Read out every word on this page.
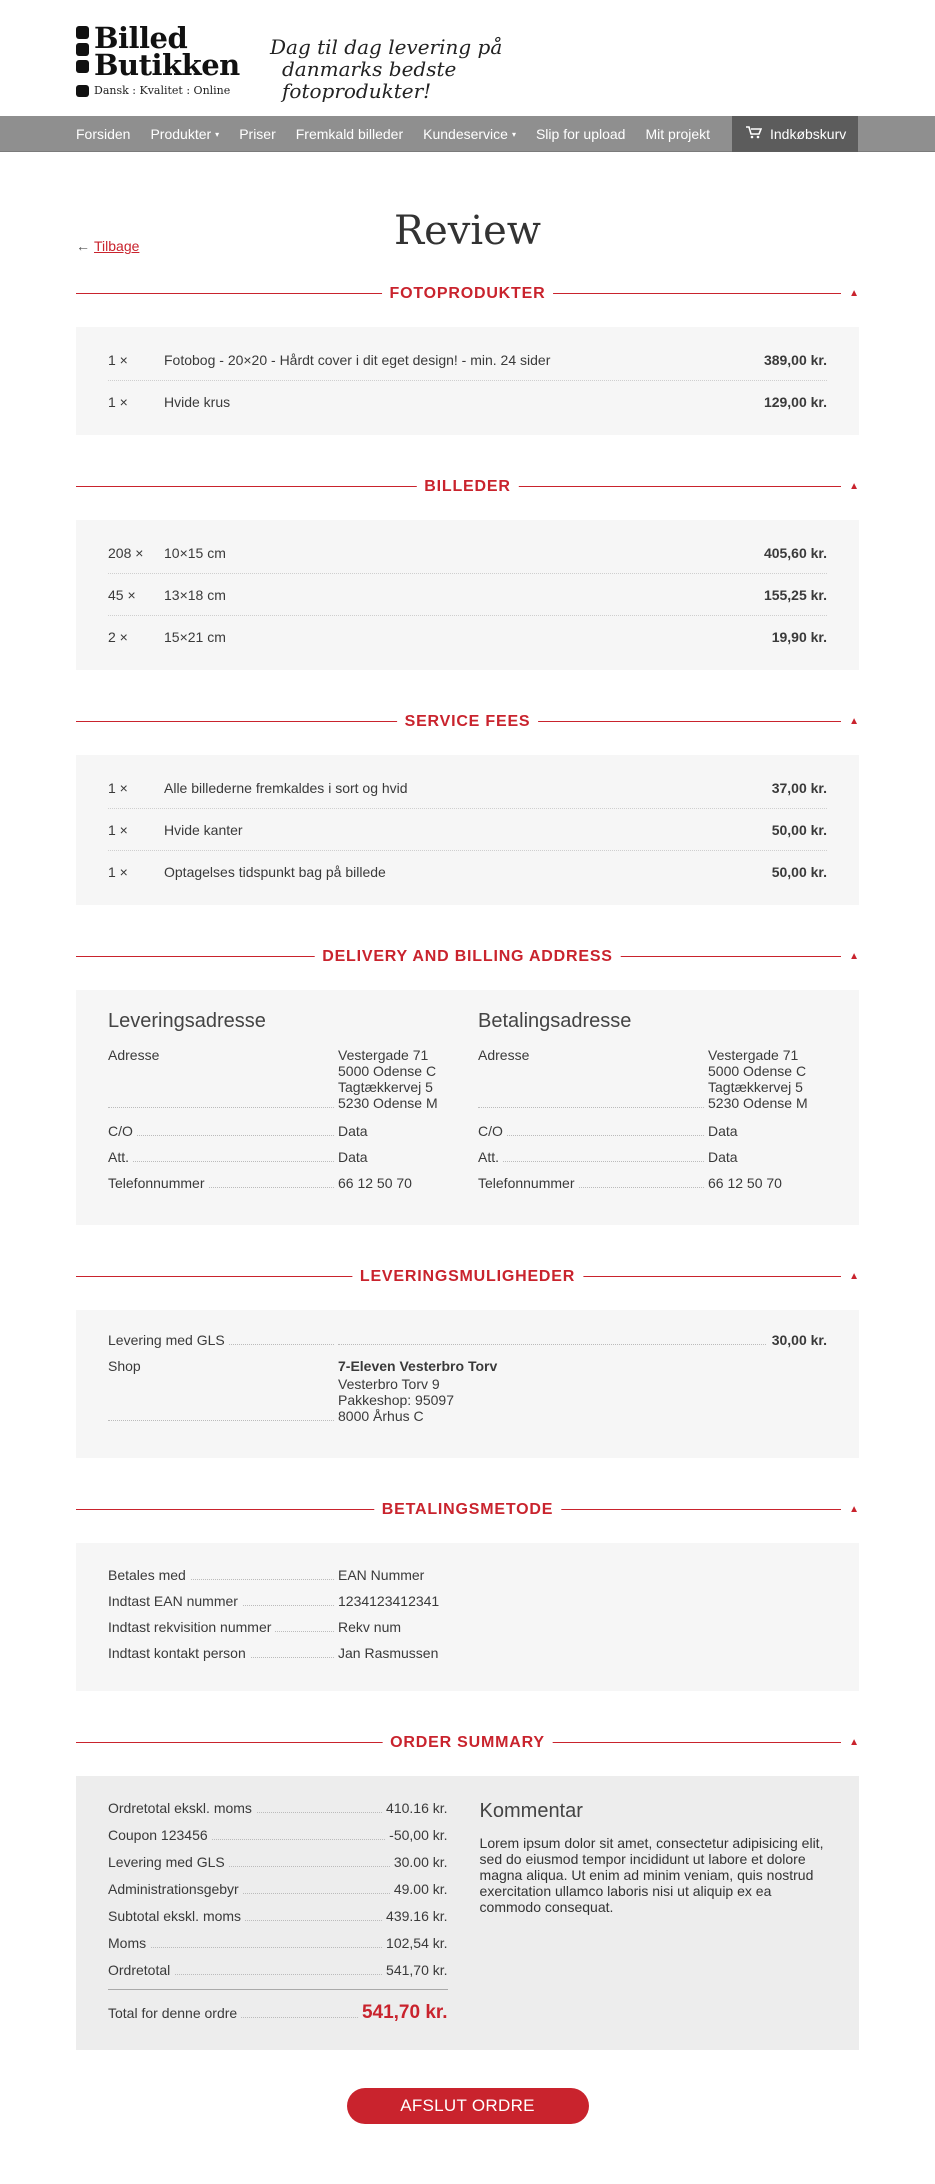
Billed
Butikken
Dansk : Kvalitet : Online
Dag til dag levering på
danmarks bedste fotoprodukter!
Forsiden	Produkter ▾	Priser	Fremkald billeder	Kundeservice ▾	Slip for upload	Mit projekt	Indkøbskurv
← Tilbage	Review
FOTOPRODUKTER	▲
1 ×	Fotobog - 20×20 - Hårdt cover i dit eget design! - min. 24 sider	389,00 kr.
1 ×	Hvide krus	129,00 kr.
BILLEDER	▲
208 ×	10×15 cm	405,60 kr.
45 ×	13×18 cm	155,25 kr.
2 ×	15×21 cm	19,90 kr.
SERVICE FEES	▲
1 ×	Alle billederne fremkaldes i sort og hvid	37,00 kr.
1 ×	Hvide kanter	50,00 kr.
1 ×	Optagelses tidspunkt bag på billede	50,00 kr.
DELIVERY AND BILLING ADDRESS	▲
Leveringsadresse
Adresse	Vestergade 71
5000 Odense C
Tagtækkervej 5
5230 Odense M
C/O	Data
Att.	Data
Telefonnummer	66 12 50 70
Betalingsadresse
Adresse	Vestergade 71
5000 Odense C
Tagtækkervej 5
5230 Odense M
C/O	Data
Att.	Data
Telefonnummer	66 12 50 70
LEVERINGSMULIGHEDER	▲
Levering med GLS	30,00 kr.
Shop	7-Eleven Vesterbro Torv
Vesterbro Torv 9
Pakkeshop: 95097
8000 Århus C
BETALINGSMETODE	▲
Betales med	EAN Nummer
Indtast EAN nummer	1234123412341
Indtast rekvisition nummer	Rekv num
Indtast kontakt person	Jan Rasmussen
ORDER SUMMARY	▲
Ordretotal ekskl. moms	410.16 kr.
Coupon 123456	-50,00 kr.
Levering med GLS	30.00 kr.
Administrationsgebyr	49.00 kr.
Subtotal ekskl. moms	439.16 kr.
Moms	102,54 kr.
Ordretotal	541,70 kr.
Total for denne ordre	541,70 kr.
Kommentar

Lorem ipsum dolor sit amet, consectetur adipisicing elit, sed do eiusmod tempor incididunt ut labore et dolore magna aliqua. Ut enim ad minim veniam, quis nostrud exercitation ullamco laboris nisi ut aliquip ex ea commodo consequat.

AFSLUT ORDRE
